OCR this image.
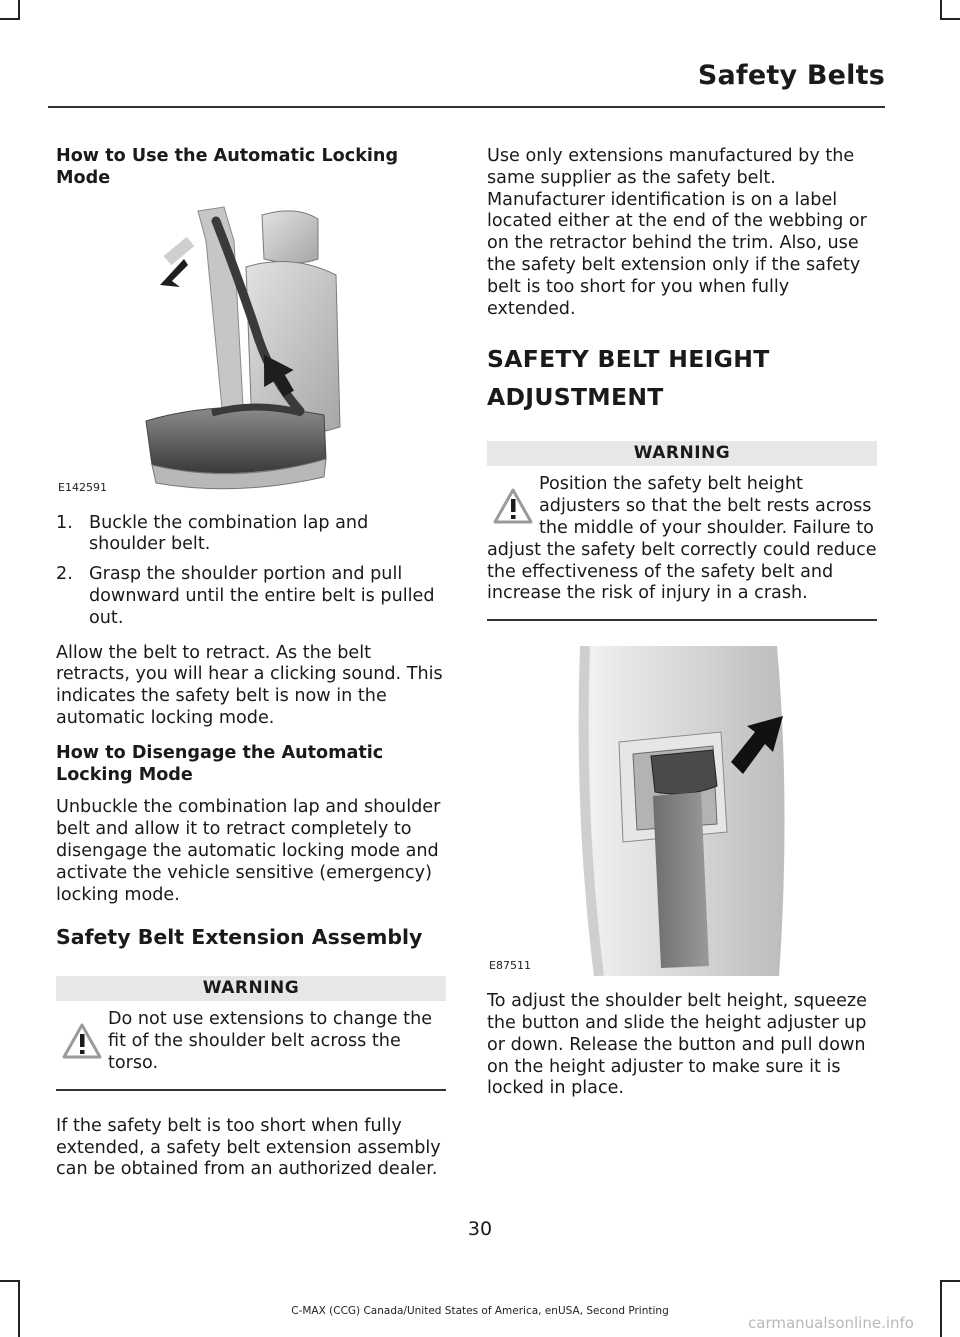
Safety Belts
How to Use the Automatic Locking Mode
E142591
1. Buckle the combination lap and shoulder belt.
2. Grasp the shoulder portion and pull downward until the entire belt is pulled out.

Allow the belt to retract. As the belt retracts, you will hear a clicking sound. This indicates the safety belt is now in the automatic locking mode.

How to Disengage the Automatic Locking Mode

Unbuckle the combination lap and shoulder belt and allow it to retract completely to disengage the automatic locking mode and activate the vehicle sensitive (emergency) locking mode.

Safety Belt Extension Assembly
WARNING
Do not use extensions to change the fit of the shoulder belt across the torso.

If the safety belt is too short when fully extended, a safety belt extension assembly can be obtained from an authorized dealer.

Use only extensions manufactured by the same supplier as the safety belt. Manufacturer identification is on a label located either at the end of the webbing or on the retractor behind the trim. Also, use the safety belt extension only if the safety belt is too short for you when fully extended.

SAFETY BELT HEIGHT
ADJUSTMENT
WARNING
Position the safety belt height adjusters so that the belt rests across the middle of your shoulder. Failure to adjust the safety belt correctly could reduce the effectiveness of the safety belt and increase the risk of injury in a crash.
E87511

To adjust the shoulder belt height, squeeze the button and slide the height adjuster up or down. Release the button and pull down on the height adjuster to make sure it is locked in place.

30
C-MAX (CCG) Canada/United States of America, enUSA, Second Printing
carmanualsonline.info
